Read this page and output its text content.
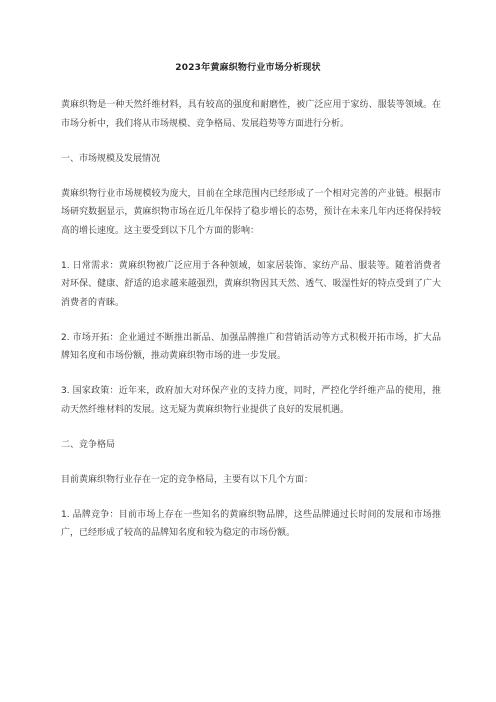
2023年黄麻织物行业市场分析现状

黄麻织物是一种天然纤维材料，具有较高的强度和耐磨性，被广泛应用于家纺、服装等领域。在市场分析中，我们将从市场规模、竞争格局、发展趋势等方面进行分析。

一、市场规模及发展情况

黄麻织物行业市场规模较为庞大，目前在全球范围内已经形成了一个相对完善的产业链。根据市场研究数据显示，黄麻织物市场在近几年保持了稳步增长的态势，预计在未来几年内还将保持较高的增长速度。这主要受到以下几个方面的影响：

1. 日常需求：黄麻织物被广泛应用于各种领域，如家居装饰、家纺产品、服装等。随着消费者对环保、健康、舒适的追求越来越强烈，黄麻织物因其天然、透气、吸湿性好的特点受到了广大消费者的青睐。

2. 市场开拓：企业通过不断推出新品、加强品牌推广和营销活动等方式积极开拓市场，扩大品牌知名度和市场份额，推动黄麻织物市场的进一步发展。

3. 国家政策：近年来，政府加大对环保产业的支持力度，同时，严控化学纤维产品的使用，推动天然纤维材料的发展。这无疑为黄麻织物行业提供了良好的发展机遇。

二、竞争格局

目前黄麻织物行业存在一定的竞争格局，主要有以下几个方面：

1. 品牌竞争：目前市场上存在一些知名的黄麻织物品牌，这些品牌通过长时间的发展和市场推广，已经形成了较高的品牌知名度和较为稳定的市场份额。
